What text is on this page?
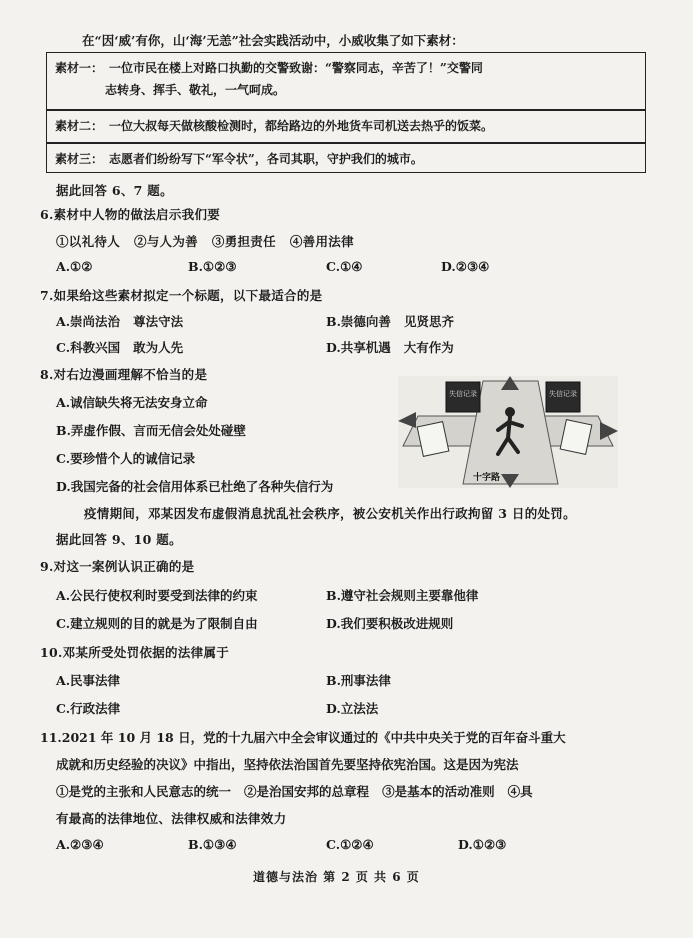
在“因‘威’有你，山‘海’无恙”社会实践活动中，小威收集了如下素材：
素材一： 一位市民在楼上对路口执勤的交警致谢：“警察同志，辛苦了！”交警同
志转身、挥手、敬礼，一气呵成。
素材二： 一位大叔每天做核酸检测时，都给路边的外地货车司机送去热乎的饭菜。
素材三： 志愿者们纷纷写下“军令状”，各司其职，守护我们的城市。
据此回答 6、7 题。
6.素材中人物的做法启示我们要
①以礼待人   ②与人为善   ③勇担责任   ④善用法律
A.①②	B.①②③	C.①④	D.②③④
7.如果给这些素材拟定一个标题，以下最适合的是
A.崇尚法治   尊法守法	B.崇德向善   见贤思齐
C.科教兴国   敢为人先	D.共享机遇   大有作为
8.对右边漫画理解不恰当的是
A.诚信缺失将无法安身立命
B.弄虚作假、言而无信会处处碰壁
C.要珍惜个人的诚信记录
D.我国完备的社会信用体系已杜绝了各种失信行为
失信记录	失信记录
十字路
疫情期间，邓某因发布虚假消息扰乱社会秩序，被公安机关作出行政拘留 3 日的处罚。
据此回答 9、10 题。
9.对这一案例认识正确的是
A.公民行使权利时要受到法律的约束	B.遵守社会规则主要靠他律
C.建立规则的目的就是为了限制自由	D.我们要积极改进规则
10.邓某所受处罚依据的法律属于
A.民事法律	B.刑事法律
C.行政法律	D.立法法
11.2021 年 10 月 18 日，党的十九届六中全会审议通过的《中共中央关于党的百年奋斗重大
成就和历史经验的决议》中指出，坚持依法治国首先要坚持依宪治国。这是因为宪法
①是党的主张和人民意志的统一   ②是治国安邦的总章程   ③是基本的活动准则   ④具
有最高的法律地位、法律权威和法律效力
A.②③④	B.①③④	C.①②④	D.①②③
道德与法治 第 2 页 共 6 页
